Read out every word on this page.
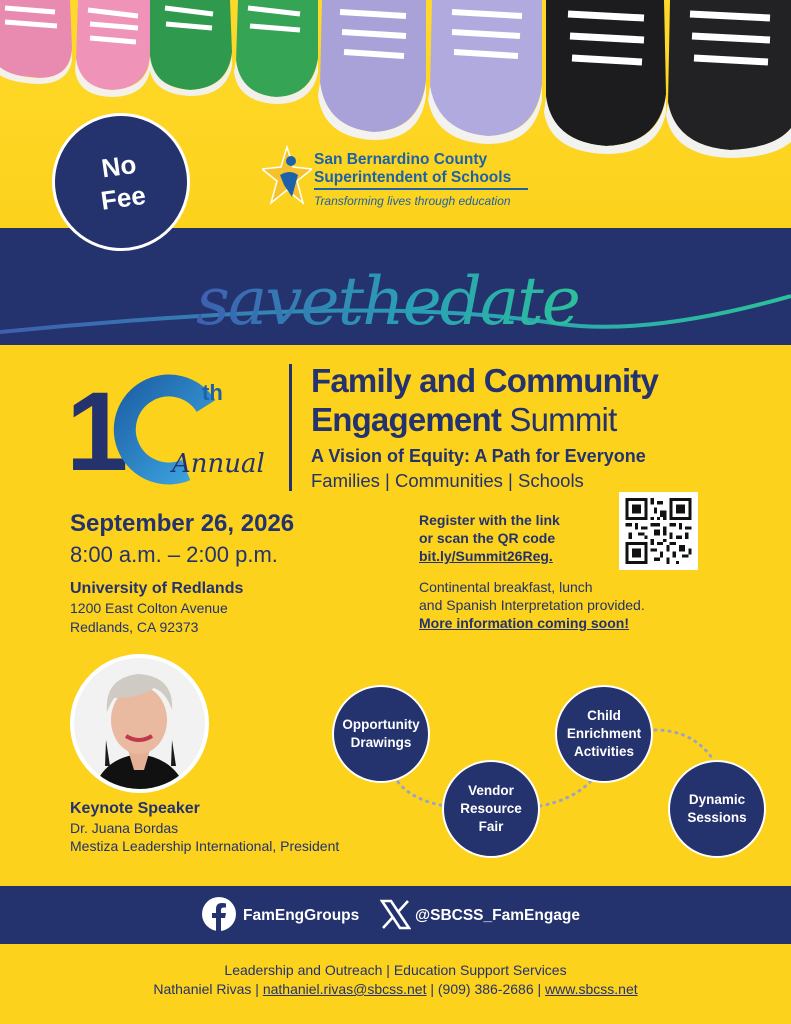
No
Fee
San Bernardino County
Superintendent of Schools
Transforming lives through education
savethedate
1	th
Annual
Family and Community
Engagement Summit
A Vision of Equity: A Path for Everyone
Families | Communities | Schools
September 26, 2026
8:00 a.m. – 2:00 p.m.
University of Redlands
1200 East Colton Avenue
Redlands, CA 92373
Register with the link
or scan the QR code
bit.ly/Summit26Reg.
Continental breakfast, lunch
and Spanish Interpretation provided.
More information coming soon!
Keynote Speaker
Dr. Juana Bordas
Mestiza Leadership International, President
Opportunity Drawings
Vendor Resource Fair
Child Enrichment Activities
Dynamic Sessions
FamEngGroups	@SBCSS_FamEngage
Leadership and Outreach | Education Support Services
Nathaniel Rivas | nathaniel.rivas@sbcss.net | (909) 386-2686 | www.sbcss.net
